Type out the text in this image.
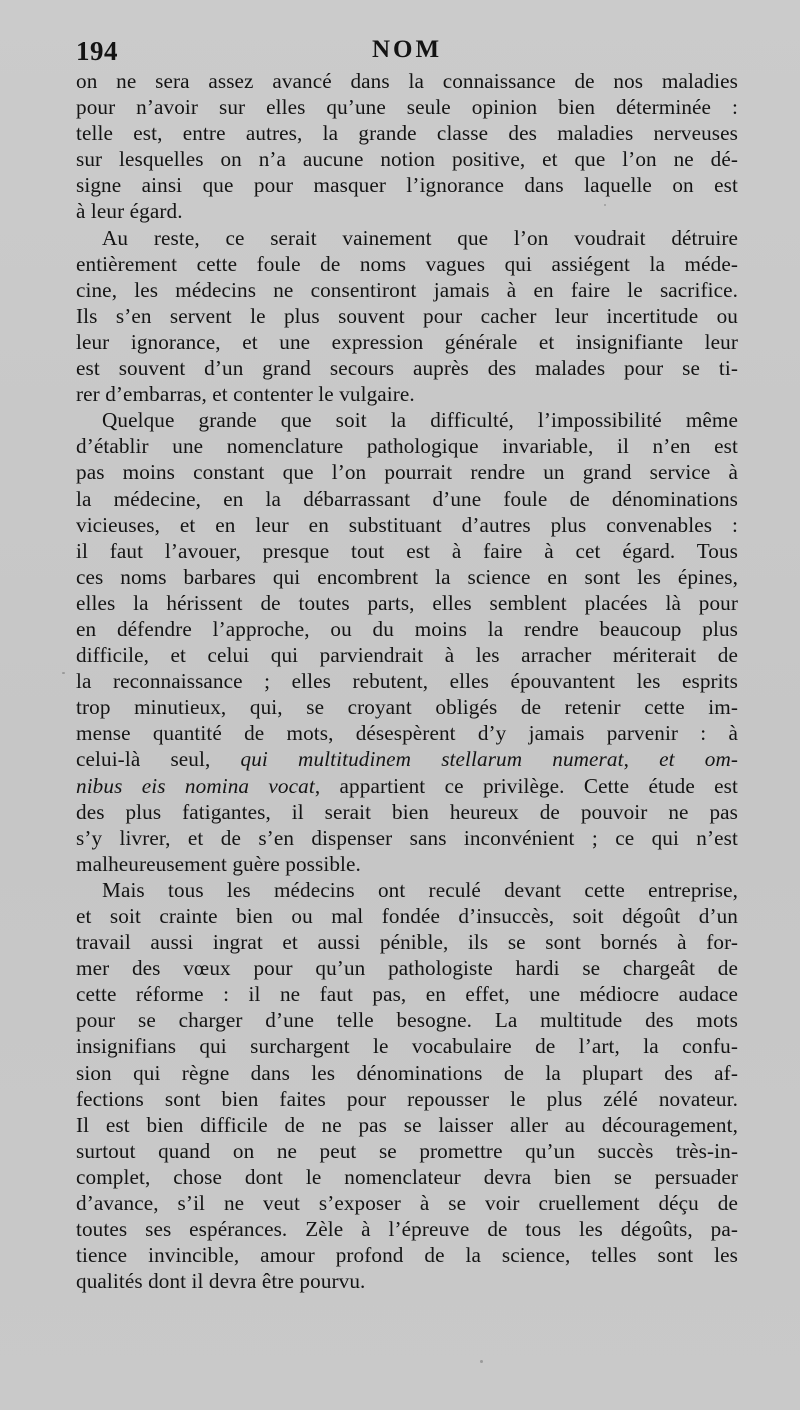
194	NOM
on ne sera assez avancé dans la connaissance de nos maladies
pour n’avoir sur elles qu’une seule opinion bien déterminée :
telle est, entre autres, la grande classe des maladies nerveuses
sur lesquelles on n’a aucune notion positive, et que l’on ne dé-
signe ainsi que pour masquer l’ignorance dans laquelle on est
à leur égard.
Au reste, ce serait vainement que l’on voudrait détruire
entièrement cette foule de noms vagues qui assiégent la méde-
cine, les médecins ne consentiront jamais à en faire le sacrifice.
Ils s’en servent le plus souvent pour cacher leur incertitude ou
leur ignorance, et une expression générale et insignifiante leur
est souvent d’un grand secours auprès des malades pour se ti-
rer d’embarras, et contenter le vulgaire.
Quelque grande que soit la difficulté, l’impossibilité même
d’établir une nomenclature pathologique invariable, il n’en est
pas moins constant que l’on pourrait rendre un grand service à
la médecine, en la débarrassant d’une foule de dénominations
vicieuses, et en leur en substituant d’autres plus convenables :
il faut l’avouer, presque tout est à faire à cet égard. Tous
ces noms barbares qui encombrent la science en sont les épines,
elles la hérissent de toutes parts, elles semblent placées là pour
en défendre l’approche, ou du moins la rendre beaucoup plus
difficile, et celui qui parviendrait à les arracher mériterait de
la reconnaissance ; elles rebutent, elles épouvantent les esprits
trop minutieux, qui, se croyant obligés de retenir cette im-
mense quantité de mots, désespèrent d’y jamais parvenir : à
celui-là seul, qui multitudinem stellarum numerat, et om-
nibus eis nomina vocat, appartient ce privilège. Cette étude est
des plus fatigantes, il serait bien heureux de pouvoir ne pas
s’y livrer, et de s’en dispenser sans inconvénient ; ce qui n’est
malheureusement guère possible.
Mais tous les médecins ont reculé devant cette entreprise,
et soit crainte bien ou mal fondée d’insuccès, soit dégoût d’un
travail aussi ingrat et aussi pénible, ils se sont bornés à for-
mer des vœux pour qu’un pathologiste hardi se chargeât de
cette réforme : il ne faut pas, en effet, une médiocre audace
pour se charger d’une telle besogne. La multitude des mots
insignifians qui surchargent le vocabulaire de l’art, la confu-
sion qui règne dans les dénominations de la plupart des af-
fections sont bien faites pour repousser le plus zélé novateur.
Il est bien difficile de ne pas se laisser aller au découragement,
surtout quand on ne peut se promettre qu’un succès très-in-
complet, chose dont le nomenclateur devra bien se persuader
d’avance, s’il ne veut s’exposer à se voir cruellement déçu de
toutes ses espérances. Zèle à l’épreuve de tous les dégoûts, pa-
tience invincible, amour profond de la science, telles sont les
qualités dont il devra être pourvu.
